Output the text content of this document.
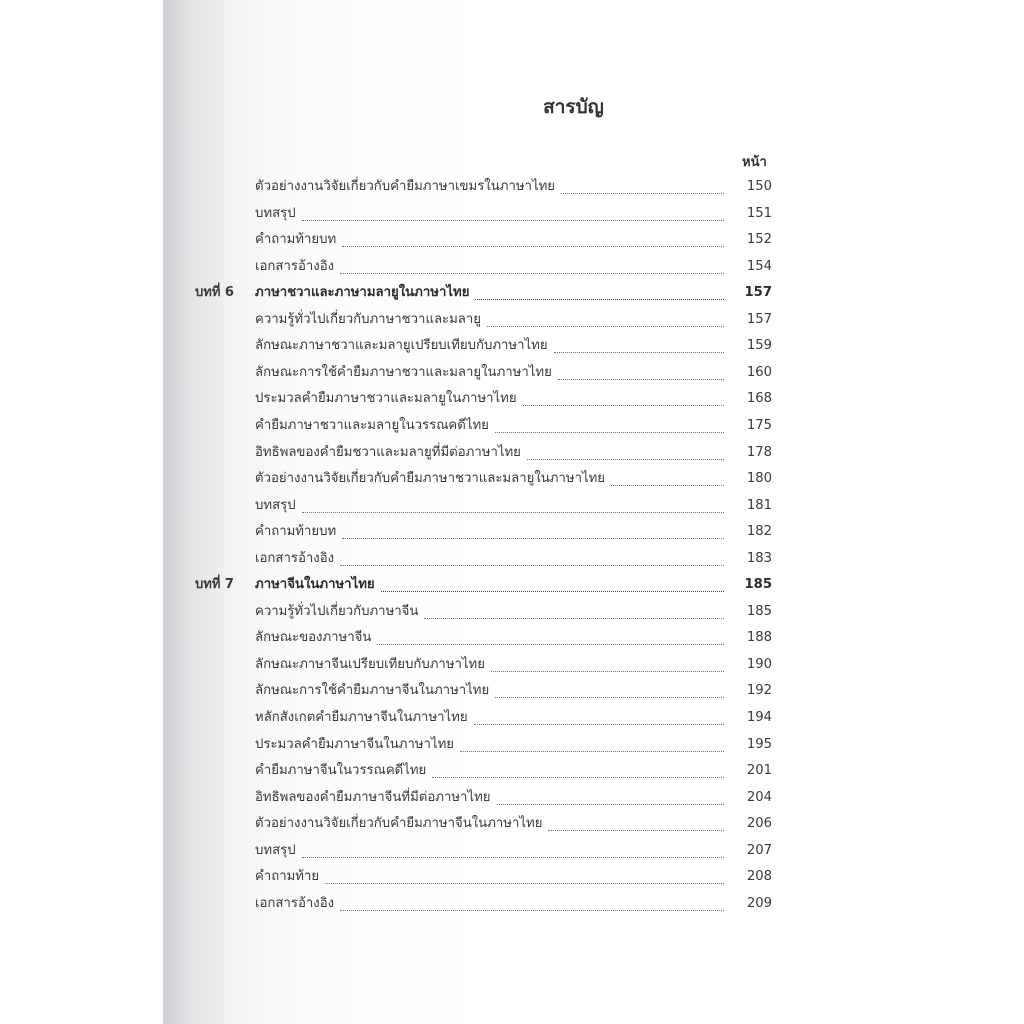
สารบัญ
หน้า
ตัวอย่างงานวิจัยเกี่ยวกับคำยืมภาษาเขมรในภาษาไทย	150
บทสรุป	151
คำถามท้ายบท	152
เอกสารอ้างอิง	154
บทที่ 6	ภาษาชวาและภาษามลายูในภาษาไทย	157
ความรู้ทั่วไปเกี่ยวกับภาษาชวาและมลายู	157
ลักษณะภาษาชวาและมลายูเปรียบเทียบกับภาษาไทย	159
ลักษณะการใช้คำยืมภาษาชวาและมลายูในภาษาไทย	160
ประมวลคำยืมภาษาชวาและมลายูในภาษาไทย	168
คำยืมภาษาชวาและมลายูในวรรณคดีไทย	175
อิทธิพลของคำยืมชวาและมลายูที่มีต่อภาษาไทย	178
ตัวอย่างงานวิจัยเกี่ยวกับคำยืมภาษาชวาและมลายูในภาษาไทย	180
บทสรุป	181
คำถามท้ายบท	182
เอกสารอ้างอิง	183
บทที่ 7	ภาษาจีนในภาษาไทย	185
ความรู้ทั่วไปเกี่ยวกับภาษาจีน	185
ลักษณะของภาษาจีน	188
ลักษณะภาษาจีนเปรียบเทียบกับภาษาไทย	190
ลักษณะการใช้คำยืมภาษาจีนในภาษาไทย	192
หลักสังเกตคำยืมภาษาจีนในภาษาไทย	194
ประมวลคำยืมภาษาจีนในภาษาไทย	195
คำยืมภาษาจีนในวรรณคดีไทย	201
อิทธิพลของคำยืมภาษาจีนที่มีต่อภาษาไทย	204
ตัวอย่างงานวิจัยเกี่ยวกับคำยืมภาษาจีนในภาษาไทย	206
บทสรุป	207
คำถามท้าย	208
เอกสารอ้างอิง	209
